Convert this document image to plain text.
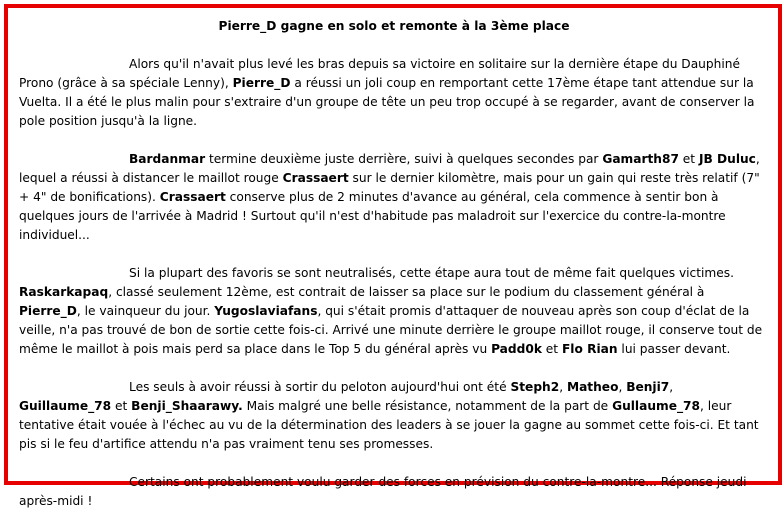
Pierre_D gagne en solo et remonte à la 3ème place

Alors qu'il n'avait plus levé les bras depuis sa victoire en solitaire sur la dernière étape du Dauphiné Prono (grâce à sa spéciale Lenny), Pierre_D a réussi un joli coup en remportant cette 17ème étape tant attendue sur la Vuelta. Il a été le plus malin pour s'extraire d'un groupe de tête un peu trop occupé à se regarder, avant de conserver la pole position jusqu'à la ligne.

Bardanmar termine deuxième juste derrière, suivi à quelques secondes par Gamarth87 et JB Duluc, lequel a réussi à distancer le maillot rouge Crassaert sur le dernier kilomètre, mais pour un gain qui reste très relatif (7" + 4" de bonifications). Crassaert conserve plus de 2 minutes d'avance au général, cela commence à sentir bon à quelques jours de l'arrivée à Madrid ! Surtout qu'il n'est d'habitude pas maladroit sur l'exercice du contre-la-montre individuel...

Si la plupart des favoris se sont neutralisés, cette étape aura tout de même fait quelques victimes. Raskarkapaq, classé seulement 12ème, est contrait de laisser sa place sur le podium du classement général à Pierre_D, le vainqueur du jour. Yugoslaviafans, qui s'était promis d'attaquer de nouveau après son coup d'éclat de la veille, n'a pas trouvé de bon de sortie cette fois-ci. Arrivé une minute derrière le groupe maillot rouge, il conserve tout de même le maillot à pois mais perd sa place dans le Top 5 du général après vu Padd0k et Flo Rian lui passer devant.

Les seuls à avoir réussi à sortir du peloton aujourd'hui ont été Steph2, Matheo, Benji7, Guillaume_78 et Benji_Shaarawy. Mais malgré une belle résistance, notamment de la part de Gullaume_78, leur tentative était vouée à l'échec au vu de la détermination des leaders à se jouer la gagne au sommet cette fois-ci. Et tant pis si le feu d'artifice attendu n'a pas vraiment tenu ses promesses.

Certains ont probablement voulu garder des forces en prévision du contre-la-montre... Réponse jeudi après-midi !
